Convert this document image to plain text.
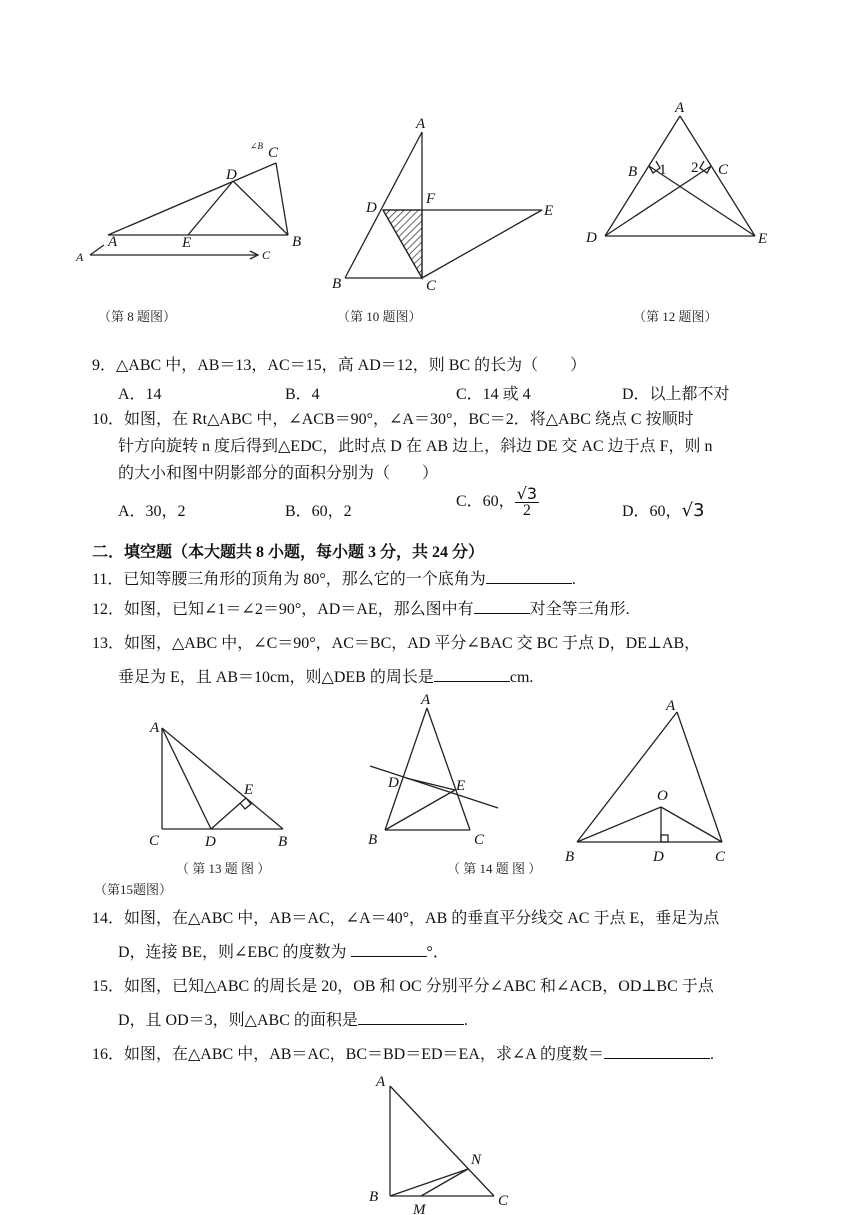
A	B
C
D
E
A	C
∠B
（第 8 题图）
A
B	C
D	E
F
（第 10 题图）
A
B	C
D	E
1 2
（第 12 题图）
9．△ABC 中，AB＝13，AC＝15，高 AD＝12，则 BC 的长为（　　）
A．14	B．4	C．14 或 4	D．以上都不对
10．如图，在 Rt△ABC 中，∠ACB＝90°，∠A＝30°，BC＝2．将△ABC 绕点 C 按顺时
针方向旋转 n 度后得到△EDC，此时点 D 在 AB 边上，斜边 DE 交 AC 边于点 F，则 n
的大小和图中阴影部分的面积分别为（　　）
A．30，2	B．60，2
C．60， $\frac{√3}{2}$	D．60，√3
二．填空题（本大题共 8 小题，每小题 3 分，共 24 分）
11．已知等腰三角形的顶角为 80°，那么它的一个底角为	.
12．如图，已知∠1＝∠2＝90°，AD＝AE，那么图中有	对全等三角形.
13．如图，△ABC 中，∠C＝90°，AC＝BC，AD 平分∠BAC 交 BC 于点 D，DE⊥AB，
垂足为 E，且 AB＝10cm，则△DEB 的周长是	cm.
A
B
C	D
E
（ 第 13 题 图 ）
A
B	C
D	E
（ 第 14 题 图 ）
A
B	C
D
O
（第15题图）
14．如图，在△ABC 中，AB＝AC，∠A＝40°，AB 的垂直平分线交 AC 于点 E，垂足为点
D，连接 BE，则∠EBC 的度数为	°．
15．如图，已知△ABC 的周长是 20，OB 和 OC 分别平分∠ABC 和∠ACB，OD⊥BC 于点
D，且 OD＝3，则△ABC 的面积是	.
16．如图，在△ABC 中，AB＝AC，BC＝BD＝ED＝EA，求∠A 的度数＝	.
A
B	C
N
M
